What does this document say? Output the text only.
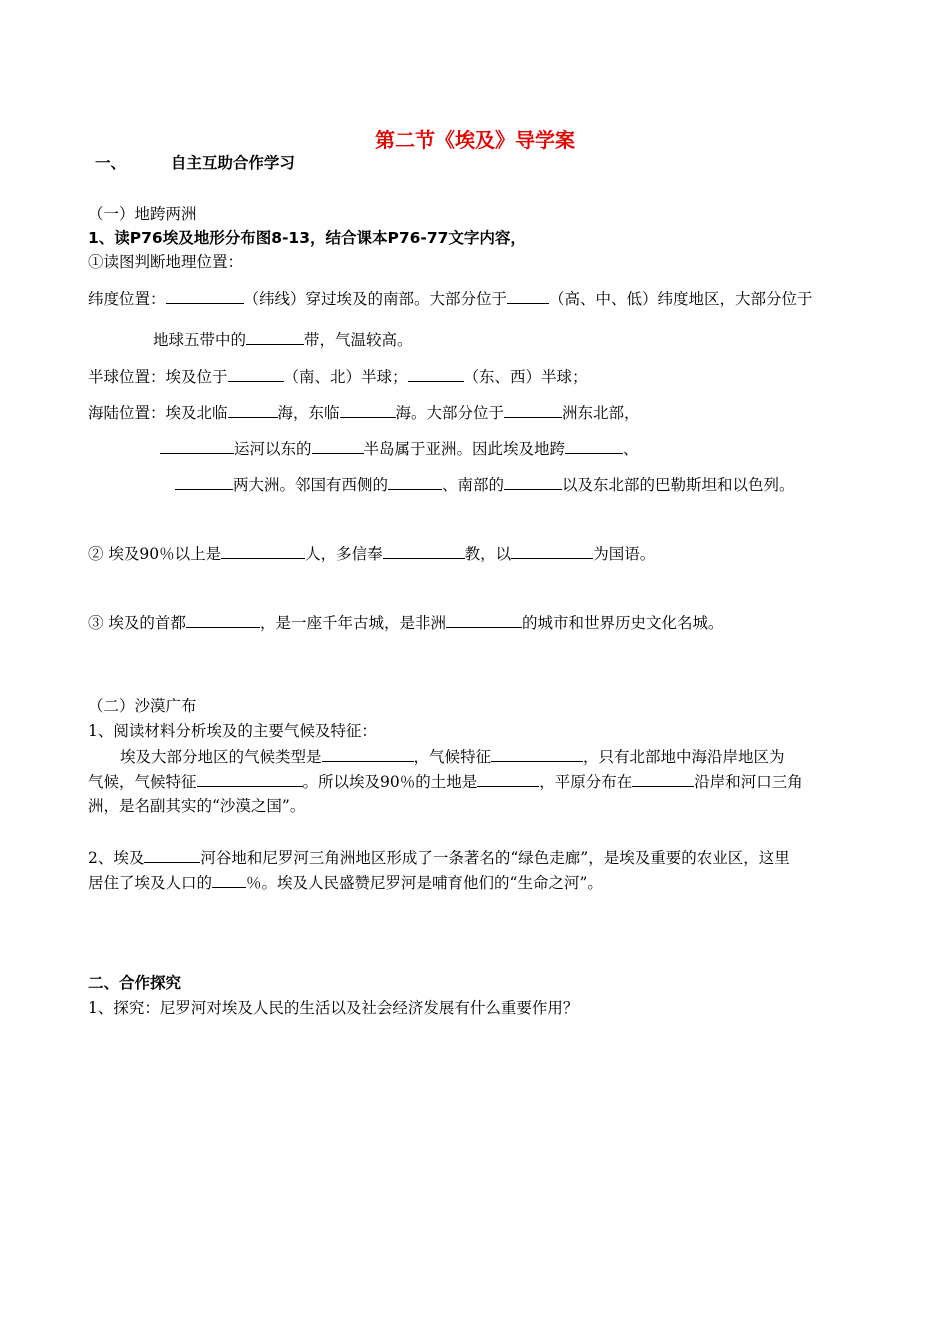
第二节《埃及》导学案
一、	自主互助合作学习
（一）地跨两洲
1、读P76埃及地形分布图8-13，结合课本P76-77文字内容，
①读图判断地理位置：
纬度位置：	（纬线）穿过埃及的南部。大部分位于	（高、中、低）纬度地区，大部分位于
地球五带中的	带，气温较高。
半球位置：埃及位于	（南、北）半球；	（东、西）半球；
海陆位置：埃及北临	海，东临	海。大部分位于	洲东北部，
运河以东的	半岛属于亚洲。因此埃及地跨	、
两大洲。邻国有西侧的	、南部的	以及东北部的巴勒斯坦和以色列。
② 埃及90％以上是	人，多信奉	教，以	为国语。
③ 埃及的首都	，是一座千年古城，是非洲	的城市和世界历史文化名城。
（二）沙漠广布
1、阅读材料分析埃及的主要气候及特征：
埃及大部分地区的气候类型是	，气候特征	，只有北部地中海沿岸地区为
气候，气候特征	。所以埃及90％的土地是	，平原分布在	沿岸和河口三角
洲，是名副其实的“沙漠之国”。
2、埃及	河谷地和尼罗河三角洲地区形成了一条著名的“绿色走廊”，是埃及重要的农业区，这里
居住了埃及人口的 ％。埃及人民盛赞尼罗河是哺育他们的“生命之河”。
二、合作探究
1、探究：尼罗河对埃及人民的生活以及社会经济发展有什么重要作用？
